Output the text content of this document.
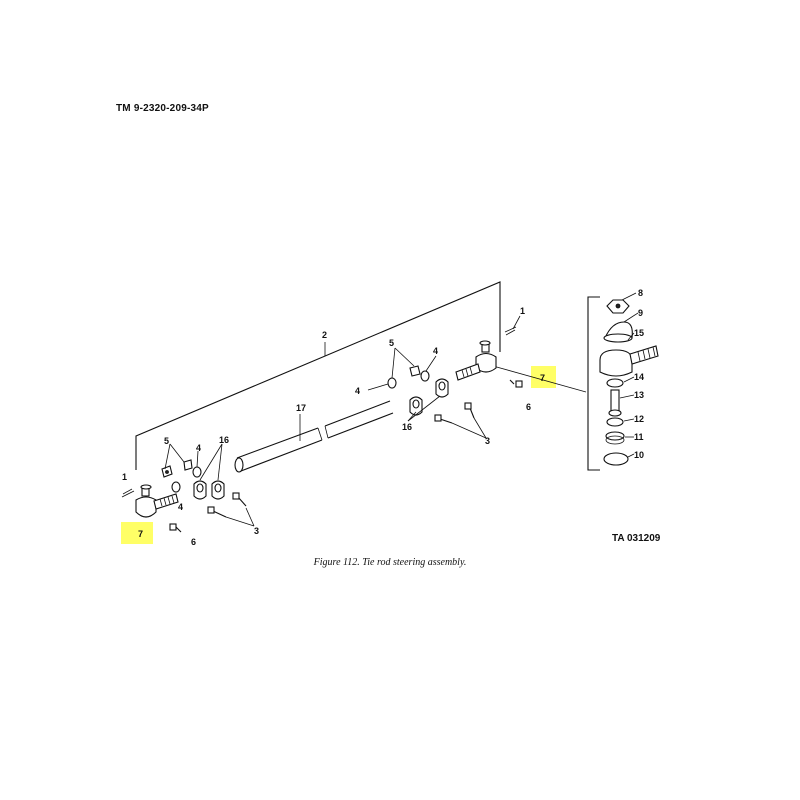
TM 9-2320-209-34P
1
1
2
3
3
4
4
4
4
5
5
6
6
7
7
8
9
10
11
12
13
14
15
16
16
17
TA 031209
Figure 112. Tie rod steering assembly.
